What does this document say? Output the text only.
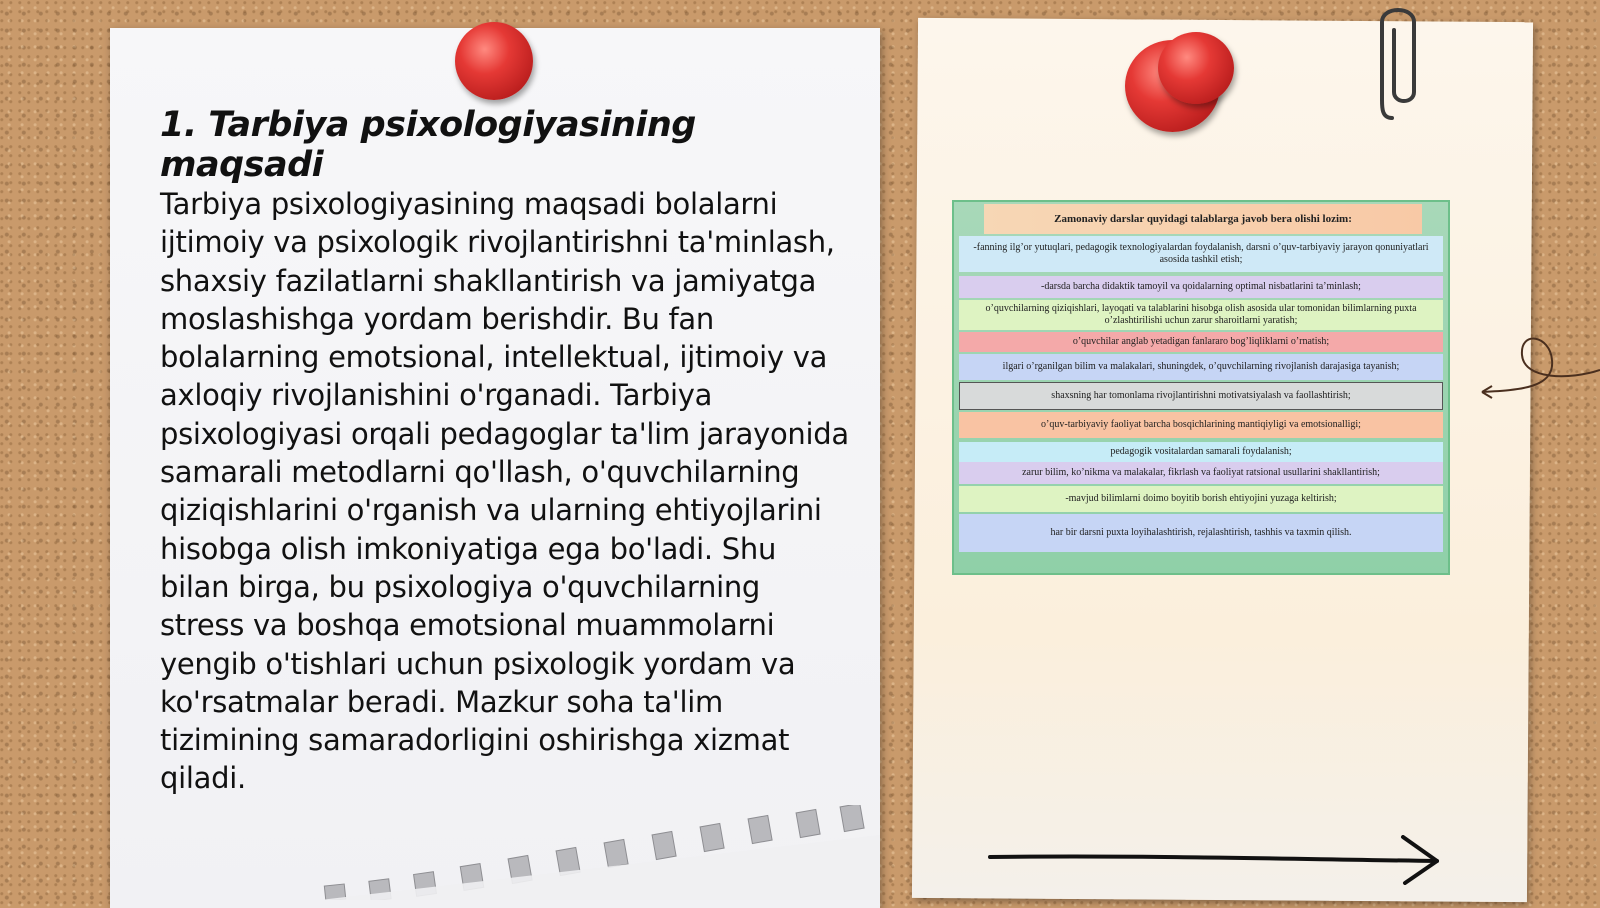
1. Tarbiya psixologiyasining maqsadi

Tarbiya psixologiyasining maqsadi bolalarni ijtimoiy va psixologik rivojlantirishni ta'minlash, shaxsiy fazilatlarni shakllantirish va jamiyatga moslashishga yordam berishdir. Bu fan bolalarning emotsional, intellektual, ijtimoiy va axloqiy rivojlanishini o'rganadi. Tarbiya psixologiyasi orqali pedagoglar ta'lim jarayonida samarali metodlarni qo'llash, o'quvchilarning qiziqishlarini o'rganish va ularning ehtiyojlarini hisobga olish imkoniyatiga ega bo'ladi. Shu bilan birga, bu psixologiya o'quvchilarning stress va boshqa emotsional muammolarni yengib o'tishlari uchun psixologik yordam va ko'rsatmalar beradi. Mazkur soha ta'lim tizimining samaradorligini oshirishga xizmat qiladi.

Zamonaviy darslar quyidagi talablarga javob bera olishi lozim:
-fanning ilg’or yutuqlari, pedagogik texnologiyalardan foydalanish, darsni o’quv-tarbiyaviy jarayon qonuniyatlari asosida tashkil etish;
-darsda barcha didaktik tamoyil va qoidalarning optimal nisbatlarini ta’minlash;
o’quvchilarning qiziqishlari, layoqati va talablarini hisobga olish asosida ular tomonidan bilimlarning puxta o’zlashtirilishi uchun zarur sharoitlarni yaratish;
o’quvchilar anglab yetadigan fanlararo bog’liqliklarni o’rnatish;
ilgari o’rganilgan bilim va malakalari, shuningdek, o’quvchilarning rivojlanish darajasiga tayanish;
shaxsning har tomonlama rivojlantirishni motivatsiyalash va faollashtirish;
o’quv-tarbiyaviy faoliyat barcha bosqichlarining mantiqiyligi va emotsionalligi;
pedagogik vositalardan samarali foydalanish;
zarur bilim, ko’nikma va malakalar, fikrlash va faoliyat ratsional usullarini shakllantirish;
-mavjud bilimlarni doimo boyitib borish ehtiyojini yuzaga keltirish;
har bir darsni puxta loyihalashtirish, rejalashtirish, tashhis va taxmin qilish.
